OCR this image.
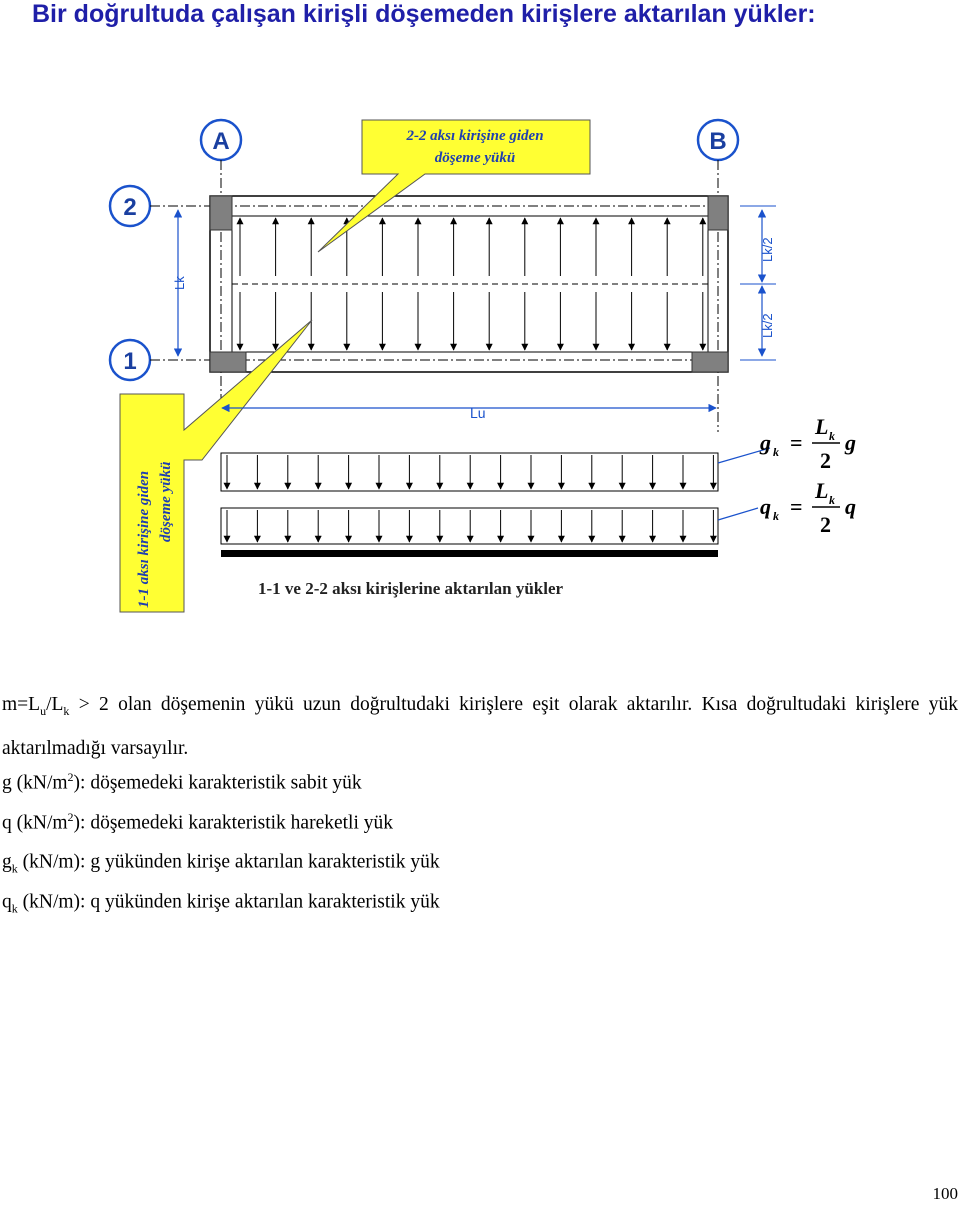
Bir doğrultuda çalışan kirişli döşemeden kirişlere aktarılan yükler:
A	B
2
1
2-2 aksı kirişine giden
döşeme yükü
1-1 aksı kirişine giden döşeme yükü
Lk
Lk/2
Lk/2
Lu
g k =
L k
2
g
q k =
L k
2
q
1-1 ve 2-2 aksı kirişlerine aktarılan yükler
$m=L_u/L_k > 2$ olan döşemenin yükü uzun doğrultudaki kirişlere eşit olarak aktarılır. Kısa doğrultudaki kirişlere yük aktarılmadığı varsayılır.
g $(kN/m^2)$: döşemedeki karakteristik sabit yük
q $(kN/m^2)$: döşemedeki karakteristik hareketli yük
$g_k$ (kN/m): g yükünden kirişe aktarılan karakteristik yük
$q_k$ (kN/m): q yükünden kirişe aktarılan karakteristik yük
100
